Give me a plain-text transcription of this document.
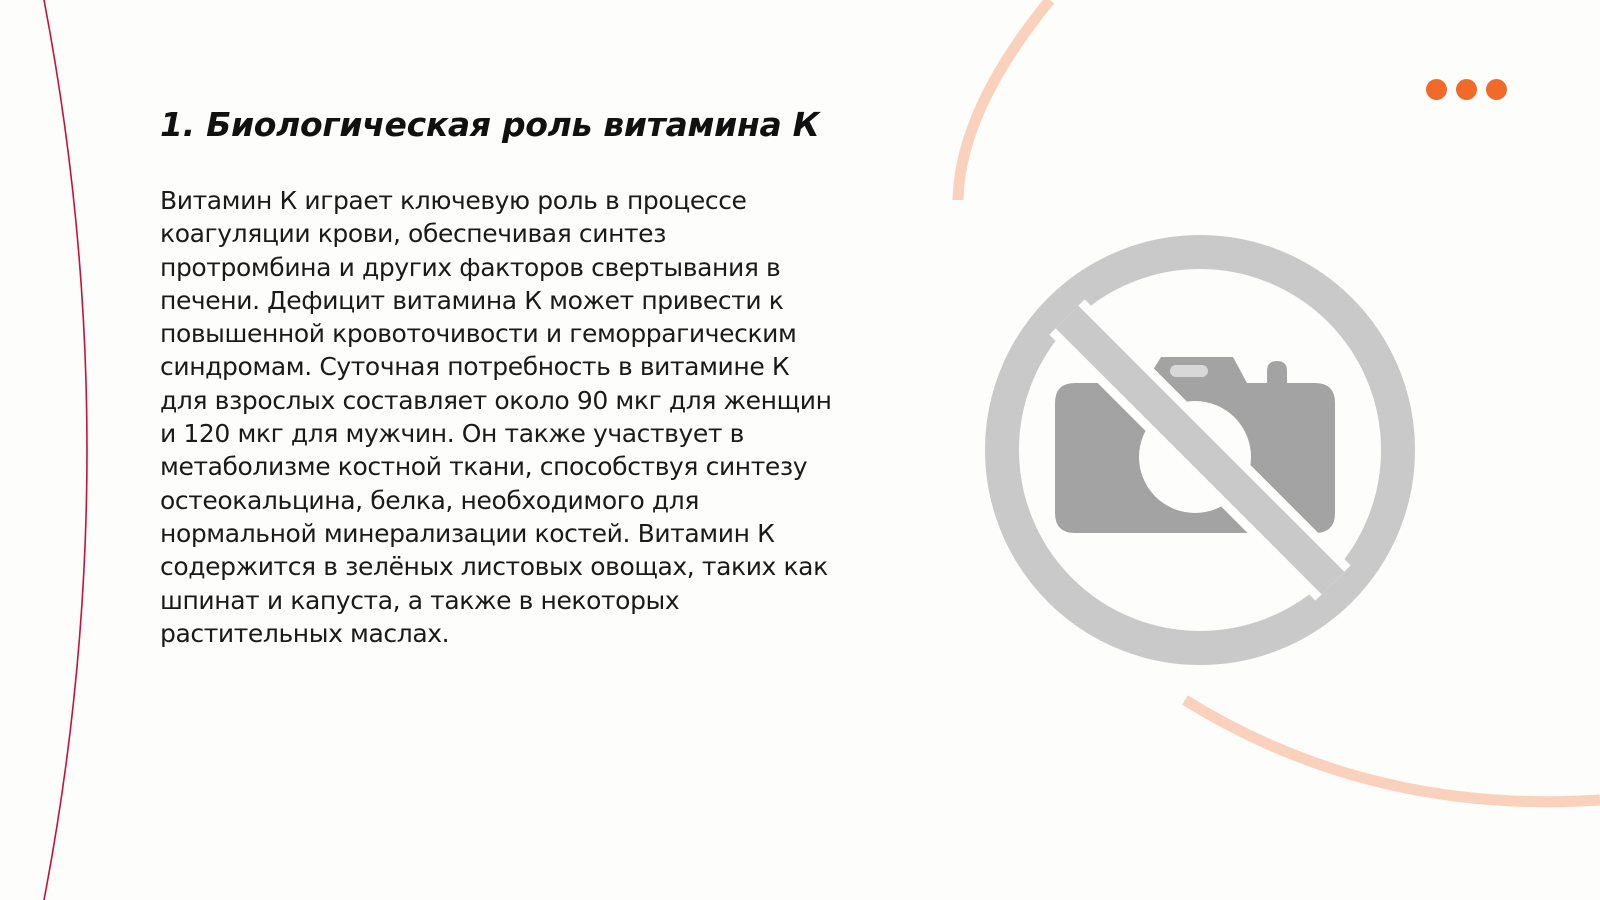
1. Биологическая роль витамина К

Витамин К играет ключевую роль в процессе коагуляции крови, обеспечивая синтез протромбина и других факторов свертывания в печени. Дефицит витамина К может привести к повышенной кровоточивости и геморрагическим синдромам. Суточная потребность в витамине К для взрослых составляет около 90 мкг для женщин и 120 мкг для мужчин. Он также участвует в метаболизме костной ткани, способствуя синтезу остеокальцина, белка, необходимого для нормальной минерализации костей. Витамин К содержится в зелёных листовых овощах, таких как шпинат и капуста, а также в некоторых растительных маслах.
